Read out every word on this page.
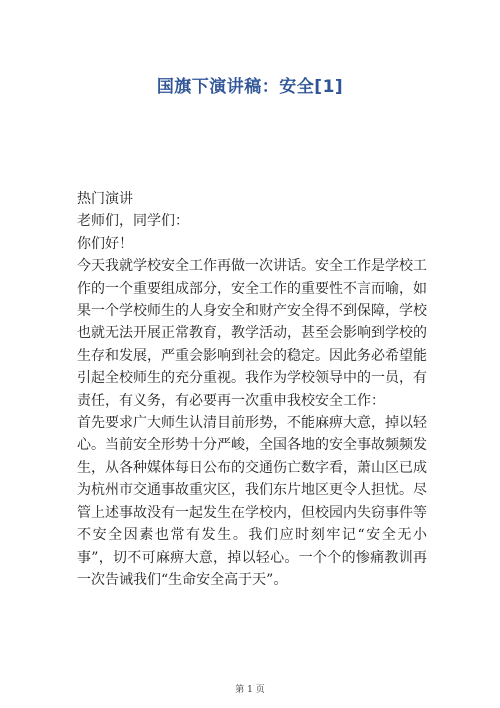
国旗下演讲稿：安全[1]

热门演讲

老师们，同学们：

你们好！

今天我就学校安全工作再做一次讲话。安全工作是学校工作的一个重要组成部分，安全工作的重要性不言而喻，如果一个学校师生的人身安全和财产安全得不到保障，学校也就无法开展正常教育，教学活动，甚至会影响到学校的生存和发展，严重会影响到社会的稳定。因此务必希望能引起全校师生的充分重视。我作为学校领导中的一员，有责任，有义务，有必要再一次重申我校安全工作：

首先要求广大师生认清目前形势，不能麻痹大意，掉以轻心。当前安全形势十分严峻，全国各地的安全事故频频发生，从各种媒体每日公布的交通伤亡数字看，萧山区已成为杭州市交通事故重灾区，我们东片地区更令人担忧。尽管上述事故没有一起发生在学校内，但校园内失窃事件等不安全因素也常有发生。我们应时刻牢记“安全无小事”，切不可麻痹大意，掉以轻心。一个个的惨痛教训再一次告诫我们“生命安全高于天”。

第 1 页
